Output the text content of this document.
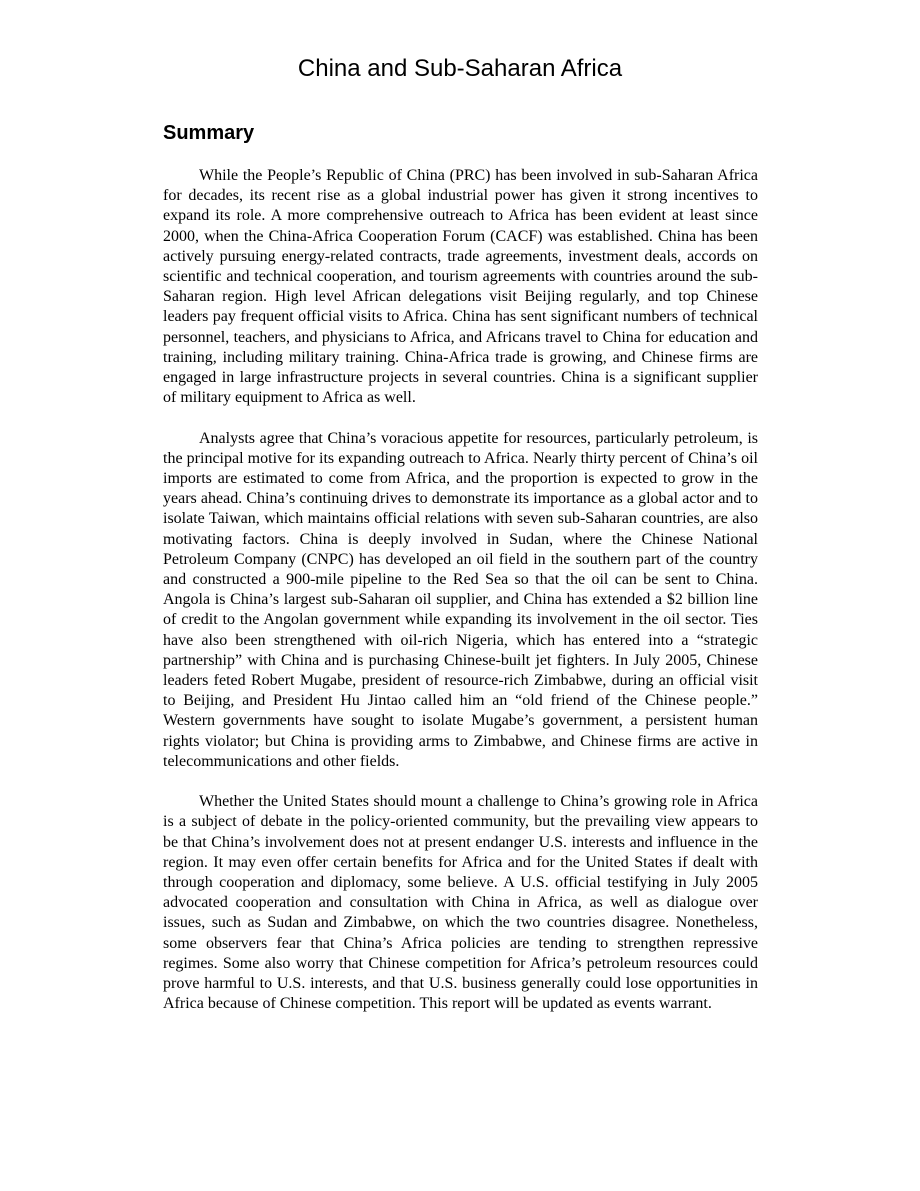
China and Sub-Saharan Africa
Summary

While the People’s Republic of China (PRC) has been involved in sub-Saharan Africa for decades, its recent rise as a global industrial power has given it strong incentives to expand its role. A more comprehensive outreach to Africa has been evident at least since 2000, when the China-Africa Cooperation Forum (CACF) was established. China has been actively pursuing energy-related contracts, trade agreements, investment deals, accords on scientific and technical cooperation, and tourism agreements with countries around the sub-Saharan region. High level African delegations visit Beijing regularly, and top Chinese leaders pay frequent official visits to Africa. China has sent significant numbers of technical personnel, teachers, and physicians to Africa, and Africans travel to China for education and training, including military training. China-Africa trade is growing, and Chinese firms are engaged in large infrastructure projects in several countries. China is a significant supplier of military equipment to Africa as well.

Analysts agree that China’s voracious appetite for resources, particularly petroleum, is the principal motive for its expanding outreach to Africa. Nearly thirty percent of China’s oil imports are estimated to come from Africa, and the proportion is expected to grow in the years ahead. China’s continuing drives to demonstrate its importance as a global actor and to isolate Taiwan, which maintains official relations with seven sub-Saharan countries, are also motivating factors. China is deeply involved in Sudan, where the Chinese National Petroleum Company (CNPC) has developed an oil field in the southern part of the country and constructed a 900-mile pipeline to the Red Sea so that the oil can be sent to China. Angola is China’s largest sub-Saharan oil supplier, and China has extended a $2 billion line of credit to the Angolan government while expanding its involvement in the oil sector. Ties have also been strengthened with oil-rich Nigeria, which has entered into a “strategic partnership” with China and is purchasing Chinese-built jet fighters. In July 2005, Chinese leaders feted Robert Mugabe, president of resource-rich Zimbabwe, during an official visit to Beijing, and President Hu Jintao called him an “old friend of the Chinese people.” Western governments have sought to isolate Mugabe’s government, a persistent human rights violator; but China is providing arms to Zimbabwe, and Chinese firms are active in telecommunications and other fields.

Whether the United States should mount a challenge to China’s growing role in Africa is a subject of debate in the policy-oriented community, but the prevailing view appears to be that China’s involvement does not at present endanger U.S. interests and influence in the region. It may even offer certain benefits for Africa and for the United States if dealt with through cooperation and diplomacy, some believe. A U.S. official testifying in July 2005 advocated cooperation and consultation with China in Africa, as well as dialogue over issues, such as Sudan and Zimbabwe, on which the two countries disagree. Nonetheless, some observers fear that China’s Africa policies are tending to strengthen repressive regimes. Some also worry that Chinese competition for Africa’s petroleum resources could prove harmful to U.S. interests, and that U.S. business generally could lose opportunities in Africa because of Chinese competition. This report will be updated as events warrant.
